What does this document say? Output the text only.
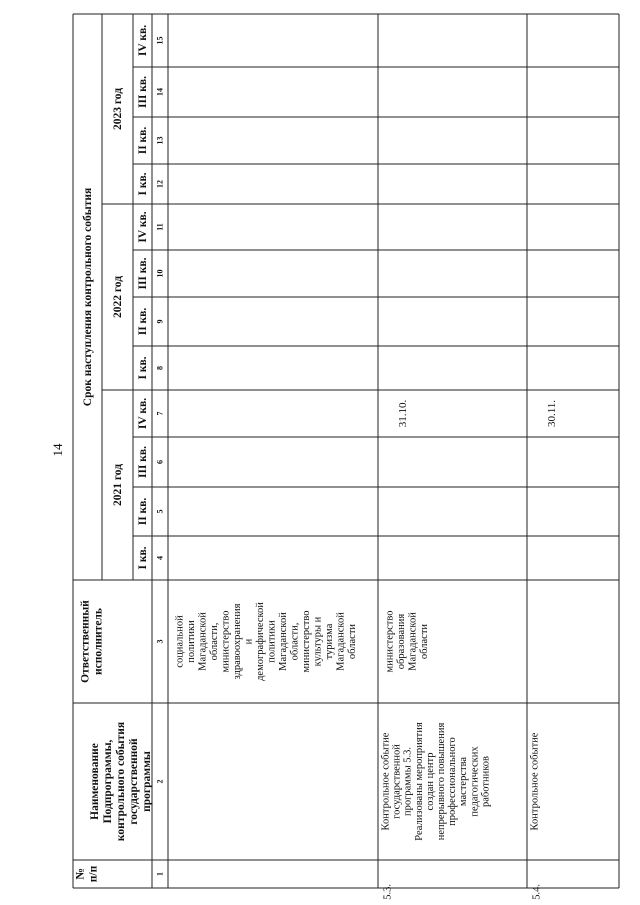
14
№ п/п
Наименование Подпрограммы, контрольного события государственной программы
Ответственный исполнитель
Срок наступления контрольного события
2021 год
2022 год
2023 год
I кв.
II кв.
III кв.
IV кв.
I кв.
II кв.
III кв.
IV кв.
I кв.
II кв.
III кв.
IV кв.
1
2
3
4
5
6
7
8
9
10
11
12
13
14
15
социальной политики Магаданской области, министерство здравоохранения и демографической политики Магаданской области, министерство культуры и туризма Магаданской области
5.3.
Контрольное событие государственной программы 5.3. Реализованы мероприятия создан центр непрерывного повышения профессионального мастерства педагогических работников
министерство образования Магаданской области
31.10.
5.4.
Контрольное событие
30.11.
